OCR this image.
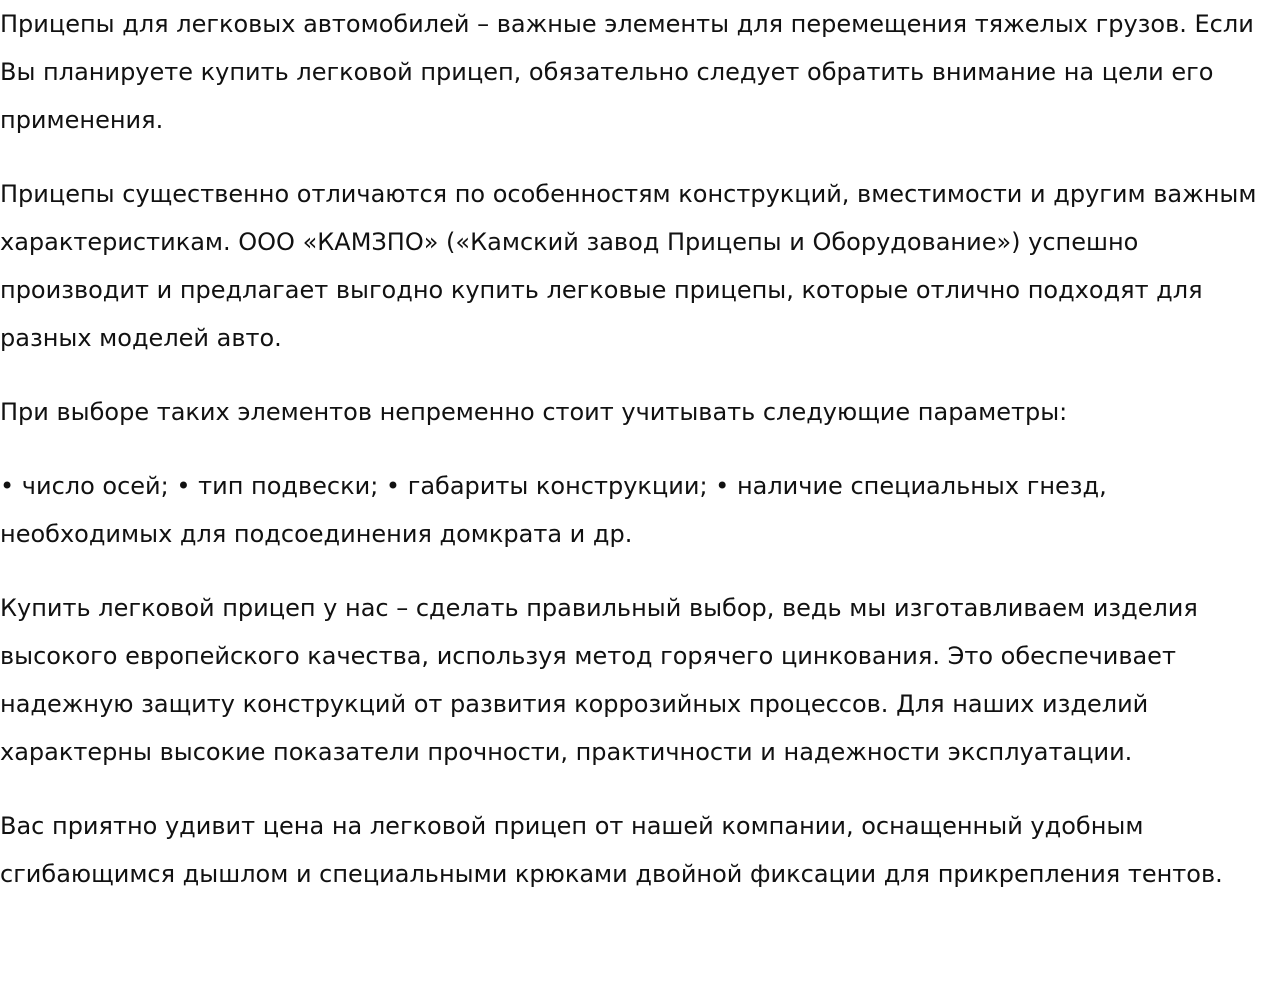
Прицепы для легковых автомобилей – важные элементы для перемещения тяжелых грузов. Если Вы планируете купить легковой прицеп, обязательно следует обратить внимание на цели его применения.

Прицепы существенно отличаются по особенностям конструкций, вместимости и другим важным характеристикам. ООО «КАМЗПО» («Камский завод Прицепы и Оборудование») успешно производит и предлагает выгодно купить легковые прицепы, которые отлично подходят для разных моделей авто.

При выборе таких элементов непременно стоит учитывать следующие параметры:

• число осей; • тип подвески; • габариты конструкции; • наличие специальных гнезд, необходимых для подсоединения домкрата и др.

Купить легковой прицеп у нас – сделать правильный выбор, ведь мы изготавливаем изделия высокого европейского качества, используя метод горячего цинкования. Это обеспечивает надежную защиту конструкций от развития коррозийных процессов. Для наших изделий характерны высокие показатели прочности, практичности и надежности эксплуатации.

Вас приятно удивит цена на легковой прицеп от нашей компании, оснащенный удобным сгибающимся дышлом и специальными крюками двойной фиксации для прикрепления тентов.
